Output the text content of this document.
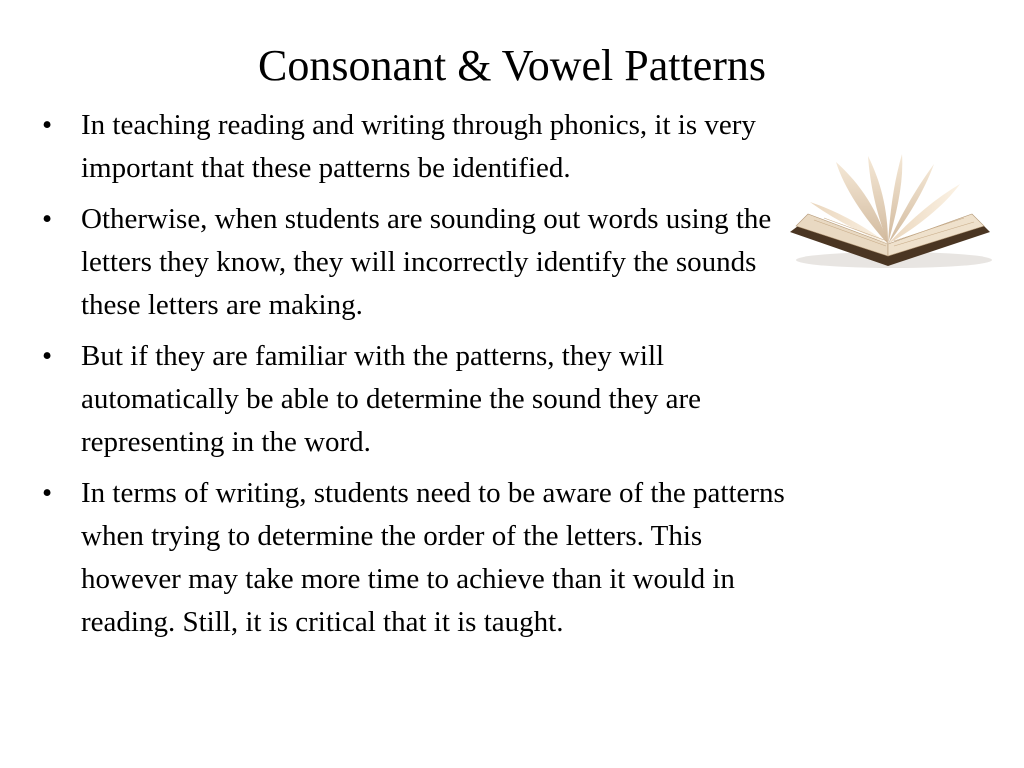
Consonant & Vowel Patterns
• In teaching reading and writing through phonics, it is very important that these patterns be identified.
• Otherwise, when students are sounding out words using the letters they know, they will incorrectly identify the sounds these letters are making.
• But if they are familiar with the patterns, they will automatically be able to determine the sound they are representing in the word.
• In terms of writing, students need to be aware of the patterns when trying to determine the order of the letters. This however may take more time to achieve than it would in reading. Still, it is critical that it is taught.
